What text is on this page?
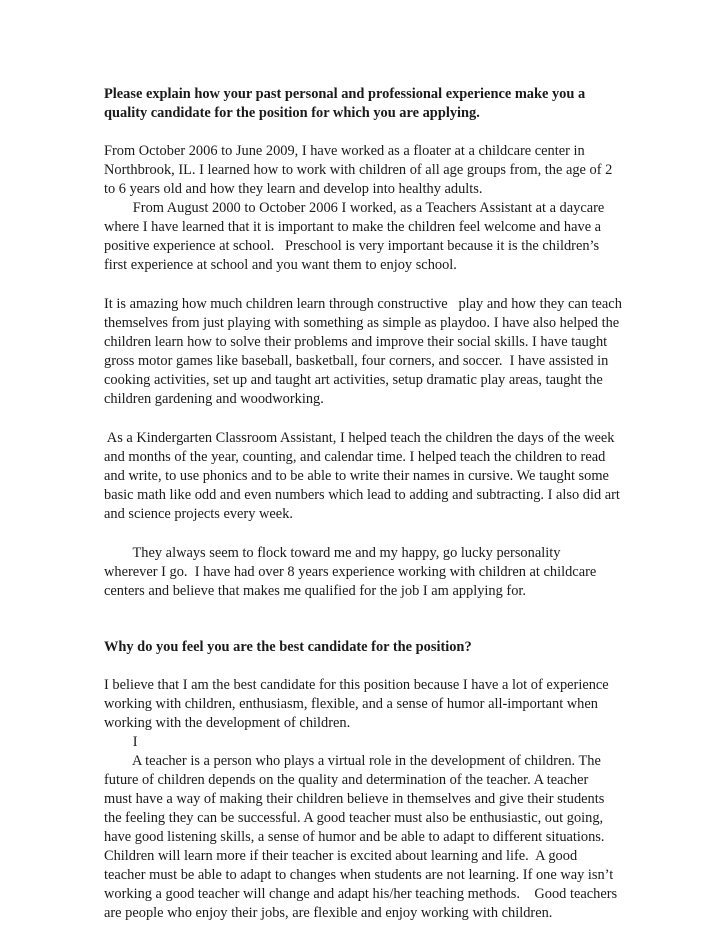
Please explain how your past personal and professional experience make you a

quality candidate for the position for which you are applying.

From October 2006 to June 2009, I have worked as a floater at a childcare center in

Northbrook, IL. I learned how to work with children of all age groups from, the age of 2

to 6 years old and how they learn and develop into healthy adults.

From August 2000 to October 2006 I worked, as a Teachers Assistant at a daycare

where I have learned that it is important to make the children feel welcome and have a

positive experience at school.   Preschool is very important because it is the children’s

first experience at school and you want them to enjoy school.

It is amazing how much children learn through constructive   play and how they can teach

themselves from just playing with something as simple as playdoo. I have also helped the

children learn how to solve their problems and improve their social skills. I have taught

gross motor games like baseball, basketball, four corners, and soccer.  I have assisted in

cooking activities, set up and taught art activities, setup dramatic play areas, taught the

children gardening and woodworking.

As a Kindergarten Classroom Assistant, I helped teach the children the days of the week

and months of the year, counting, and calendar time. I helped teach the children to read

and write, to use phonics and to be able to write their names in cursive. We taught some

basic math like odd and even numbers which lead to adding and subtracting. I also did art

and science projects every week.

They always seem to flock toward me and my happy, go lucky personality

wherever I go.  I have had over 8 years experience working with children at childcare

centers and believe that makes me qualified for the job I am applying for.

Why do you feel you are the best candidate for the position?

I believe that I am the best candidate for this position because I have a lot of experience

working with children, enthusiasm, flexible, and a sense of humor all-important when

working with the development of children.

I

A teacher is a person who plays a virtual role in the development of children. The

future of children depends on the quality and determination of the teacher. A teacher

must have a way of making their children believe in themselves and give their students

the feeling they can be successful. A good teacher must also be enthusiastic, out going,

have good listening skills, a sense of humor and be able to adapt to different situations.

Children will learn more if their teacher is excited about learning and life.  A good

teacher must be able to adapt to changes when students are not learning. If one way isn’t

working a good teacher will change and adapt his/her teaching methods.    Good teachers

are people who enjoy their jobs, are flexible and enjoy working with children.
